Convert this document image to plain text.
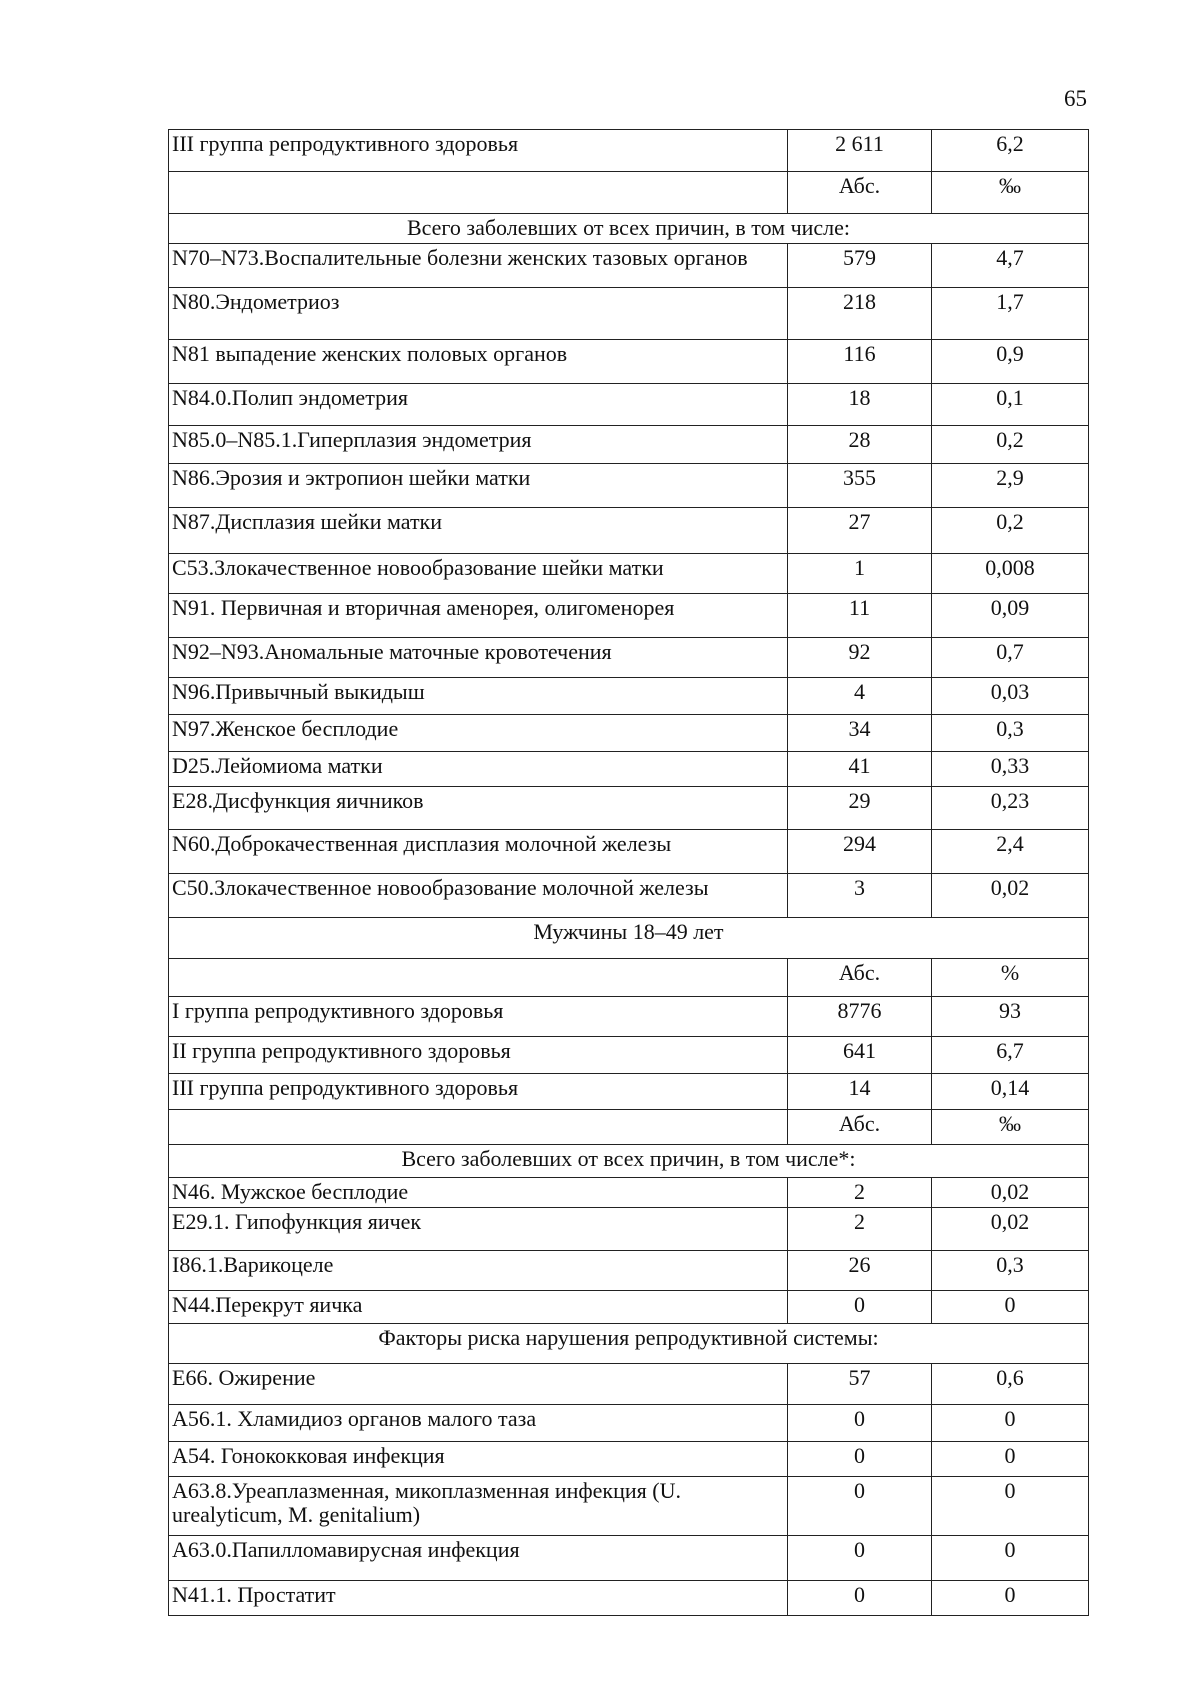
65
III группа репродуктивного здоровья	2 611	6,2
	Абс.	‰
Всего заболевших от всех причин, в том числе:		
N70–N73.Воспалительные болезни женских тазовых органов	579	4,7
N80.Эндометриоз	218	1,7
N81 выпадение женских половых органов	116	0,9
N84.0.Полип эндометрия	18	0,1
N85.0–N85.1.Гиперплазия эндометрия	28	0,2
N86.Эрозия и эктропион шейки матки	355	2,9
N87.Дисплазия шейки матки	27	0,2
С53.Злокачественное новообразование шейки матки	1	0,008
N91. Первичная и вторичная аменорея, олигоменорея	11	0,09
N92–N93.Аномальные маточные кровотечения	92	0,7
N96.Привычный выкидыш	4	0,03
N97.Женское бесплодие	34	0,3
D25.Лейомиома матки	41	0,33
Е28.Дисфункция яичников	29	0,23
N60.Доброкачественная дисплазия молочной железы	294	2,4
С50.Злокачественное новообразование молочной железы	3	0,02
Мужчины 18–49 лет		
	Абс.	%
I группа репродуктивного здоровья	8776	93
II группа репродуктивного здоровья	641	6,7
III группа репродуктивного здоровья	14	0,14
	Абс.	‰
Всего заболевших от всех причин, в том числе*:		
N46. Мужское бесплодие	2	0,02
Е29.1. Гипофункция яичек	2	0,02
I86.1.Варикоцеле	26	0,3
N44.Перекрут яичка	0	0
Факторы риска нарушения репродуктивной системы:		
Е66. Ожирение	57	0,6
А56.1. Хламидиоз органов малого таза	0	0
А54. Гонококковая инфекция	0	0
А63.8.Уреаплазменная, микоплазменная инфекция (U. urealyticum, M. genitalium)	0	0
А63.0.Папилломавирусная инфекция	0	0
N41.1. Простатит	0	0
